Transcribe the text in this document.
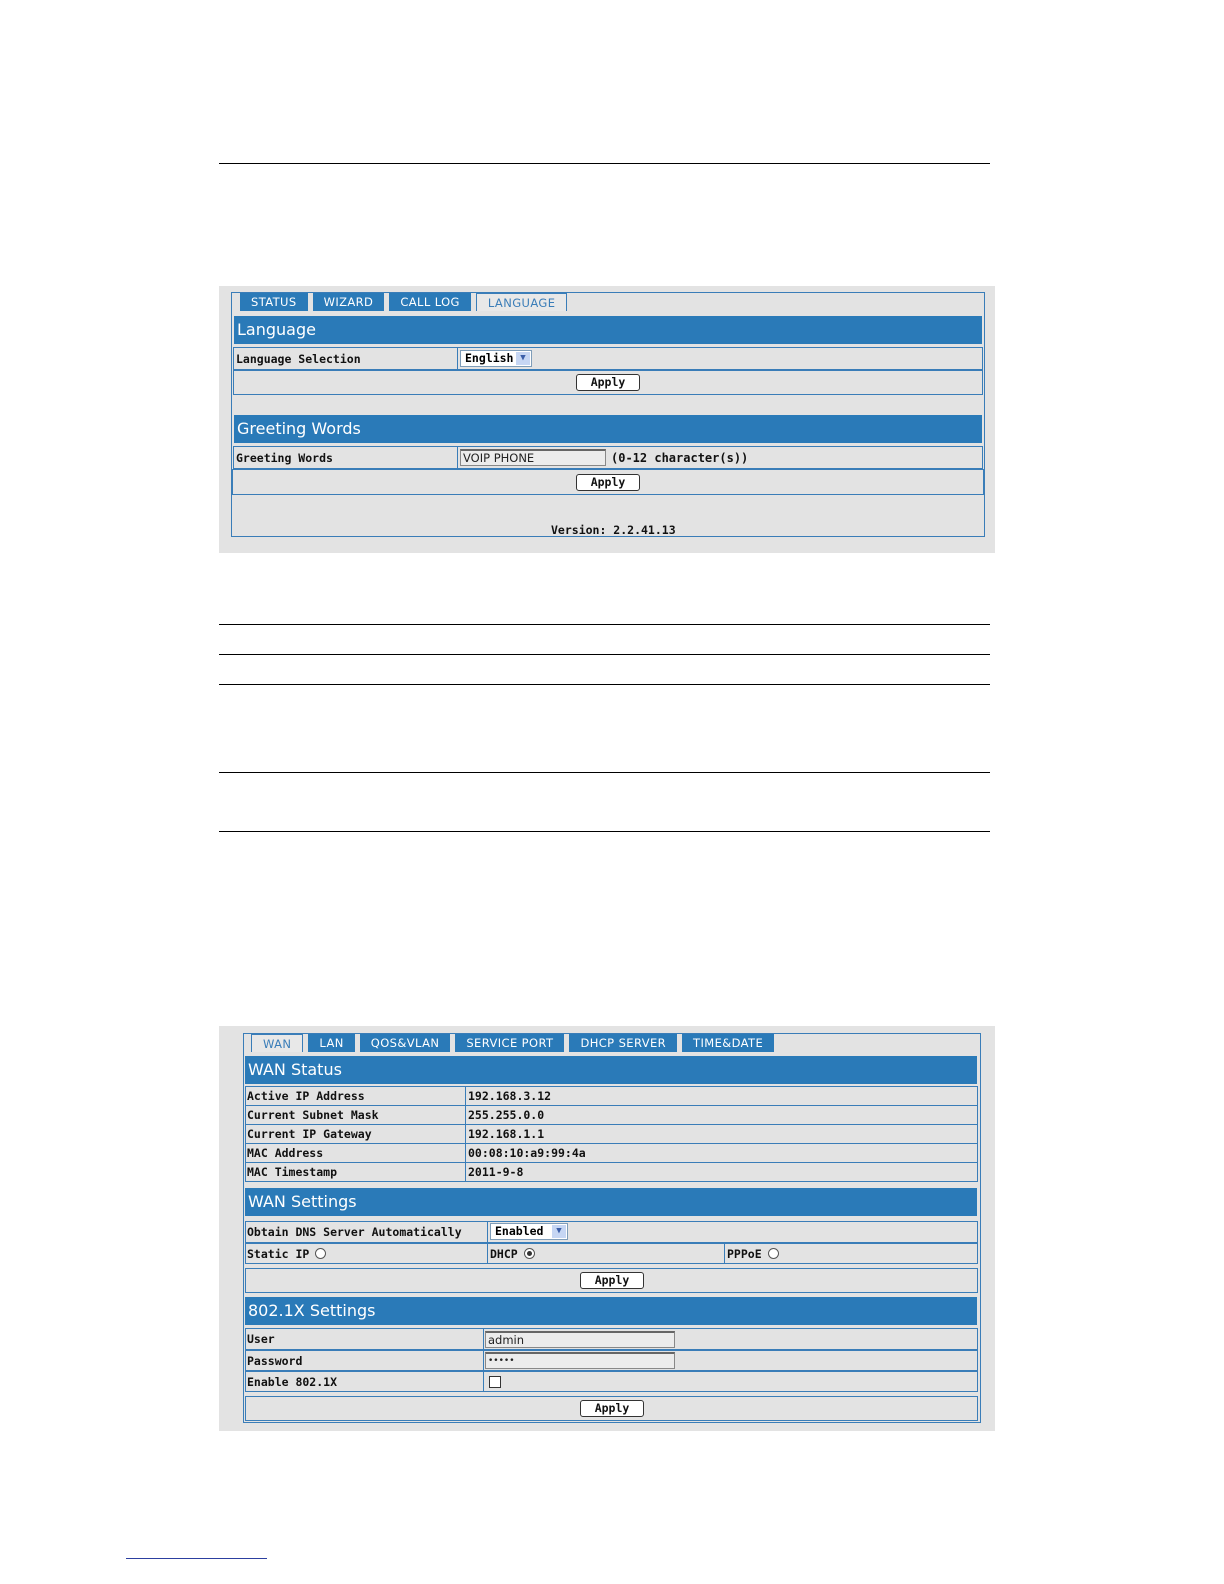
STATUS	WIZARD	CALL LOG	LANGUAGE
Language
Language Selection	English ▼
Apply
Greeting Words
Greeting Words	VOIP PHONE	(0-12 character(s))
Apply
Version: 2.2.41.13
WAN	LAN	QOS&VLAN	SERVICE PORT	DHCP SERVER	TIME&DATE
WAN Status
Active IP Address	192.168.3.12
Current Subnet Mask	255.255.0.0
Current IP Gateway	192.168.1.1
MAC Address	00:08:10:a9:99:4a
MAC Timestamp	2011-9-8
WAN Settings
Obtain DNS Server Automatically	Enabled	▼
Static IP	DHCP	PPPoE
Apply
802.1X Settings
User	admin
Password	•••••
Enable 802.1X
Apply
